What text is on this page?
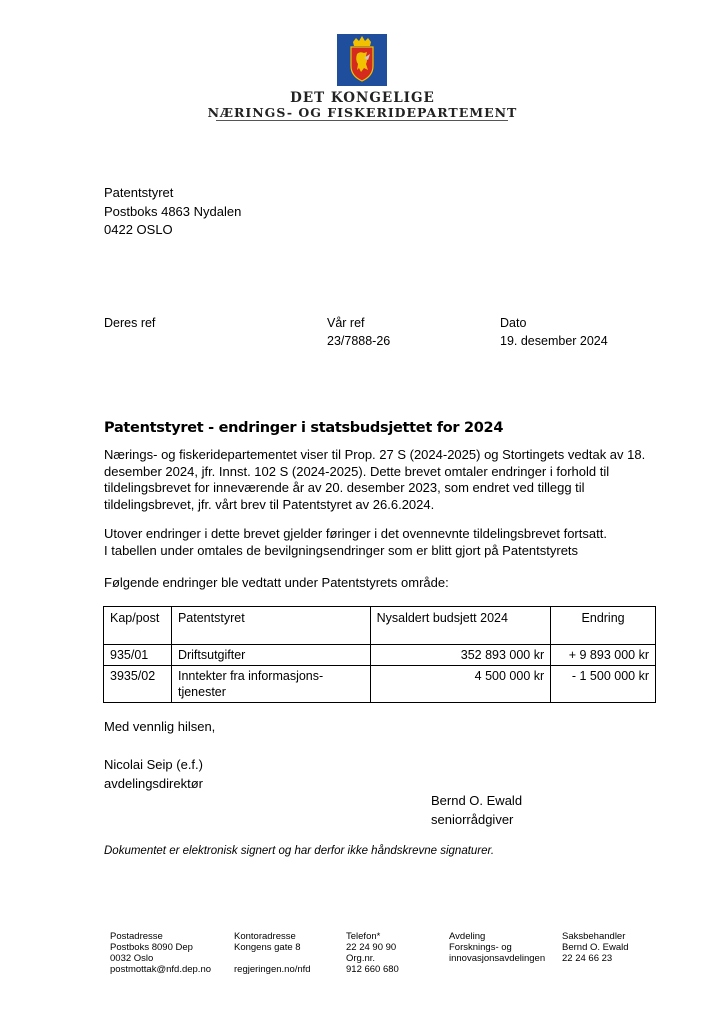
DET KONGELIGE
NÆRINGS- OG FISKERIDEPARTEMENT
Patentstyret
Postboks 4863 Nydalen
0422 OSLO
Deres ref	Vår ref
23/7888-26
Dato
19. desember 2024
Patentstyret - endringer i statsbudsjettet for 2024
Nærings- og fiskeridepartementet viser til Prop. 27 S (2024-2025) og Stortingets vedtak av 18. desember 2024, jfr. Innst. 102 S (2024-2025). Dette brevet omtaler endringer i forhold til tildelingsbrevet for inneværende år av 20. desember 2023, som endret ved tillegg til tildelingsbrevet, jfr. vårt brev til Patentstyret av 26.6.2024.
Utover endringer i dette brevet gjelder føringer i det ovennevnte tildelingsbrevet fortsatt.
I tabellen under omtales de bevilgningsendringer som er blitt gjort på Patentstyrets
Følgende endringer ble vedtatt under Patentstyrets område:
Kap/post	Patentstyret	Nysaldert budsjett 2024	Endring
935/01	Driftsutgifter	352 893 000 kr	+ 9 893 000 kr
3935/02	Inntekter fra informasjons-tjenester	4 500 000 kr	- 1 500 000 kr
Med vennlig hilsen,
Nicolai Seip (e.f.)
avdelingsdirektør
Bernd O. Ewald
seniorrådgiver
Dokumentet er elektronisk signert og har derfor ikke håndskrevne signaturer.
Postadresse
Postboks 8090 Dep
0032 Oslo
postmottak@nfd.dep.no
Kontoradresse
Kongens gate 8

regjeringen.no/nfd
Telefon*
22 24 90 90
Org.nr.
912 660 680
Avdeling
Forsknings- og
innovasjonsavdelingen
Saksbehandler
Bernd O. Ewald
22 24 66 23
